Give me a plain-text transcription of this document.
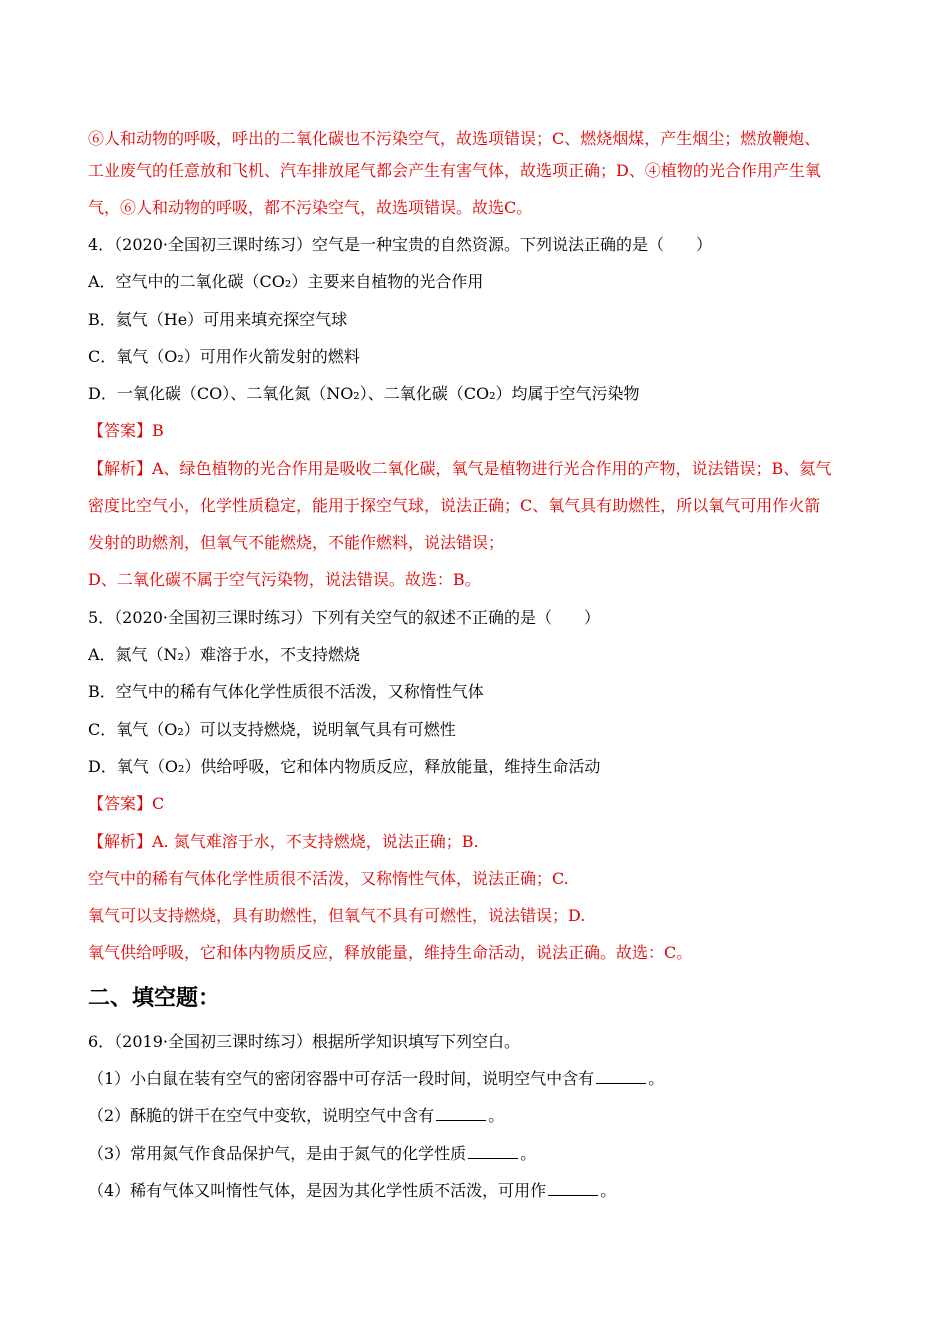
⑥人和动物的呼吸，呼出的二氧化碳也不污染空气，故选项错误；C、燃烧烟煤，产生烟尘；燃放鞭炮、
工业废气的任意放和飞机、汽车排放尾气都会产生有害气体，故选项正确；D、④植物的光合作用产生氧
气，⑥人和动物的呼吸，都不污染空气，故选项错误。故选C。
4．（2020·全国初三课时练习）空气是一种宝贵的自然资源。下列说法正确的是（　　）
A．空气中的二氧化碳（CO₂）主要来自植物的光合作用
B．氦气（He）可用来填充探空气球
C．氧气（O₂）可用作火箭发射的燃料
D．一氧化碳（CO）、二氧化氮（NO₂）、二氧化碳（CO₂）均属于空气污染物
【答案】B
【解析】A、绿色植物的光合作用是吸收二氧化碳，氧气是植物进行光合作用的产物，说法错误；B、氦气
密度比空气小，化学性质稳定，能用于探空气球，说法正确；C、氧气具有助燃性，所以氧气可用作火箭
发射的助燃剂，但氧气不能燃烧，不能作燃料，说法错误；
D、二氧化碳不属于空气污染物，说法错误。故选：B。
5．（2020·全国初三课时练习）下列有关空气的叙述不正确的是（　　）
A．氮气（N₂）难溶于水，不支持燃烧
B．空气中的稀有气体化学性质很不活泼，又称惰性气体
C．氧气（O₂）可以支持燃烧，说明氧气具有可燃性
D．氧气（O₂）供给呼吸，它和体内物质反应，释放能量，维持生命活动
【答案】C
【解析】A. 氮气难溶于水，不支持燃烧，说法正确；B.
空气中的稀有气体化学性质很不活泼，又称惰性气体，说法正确；C.
氧气可以支持燃烧，具有助燃性，但氧气不具有可燃性，说法错误；D.
氧气供给呼吸，它和体内物质反应，释放能量，维持生命活动，说法正确。故选：C。
二、填空题：
6．（2019·全国初三课时练习）根据所学知识填写下列空白。
（1）小白鼠在装有空气的密闭容器中可存活一段时间，说明空气中含有	。
（2）酥脆的饼干在空气中变软，说明空气中含有	。
（3）常用氮气作食品保护气，是由于氮气的化学性质	。
（4）稀有气体又叫惰性气体，是因为其化学性质不活泼，可用作	。
